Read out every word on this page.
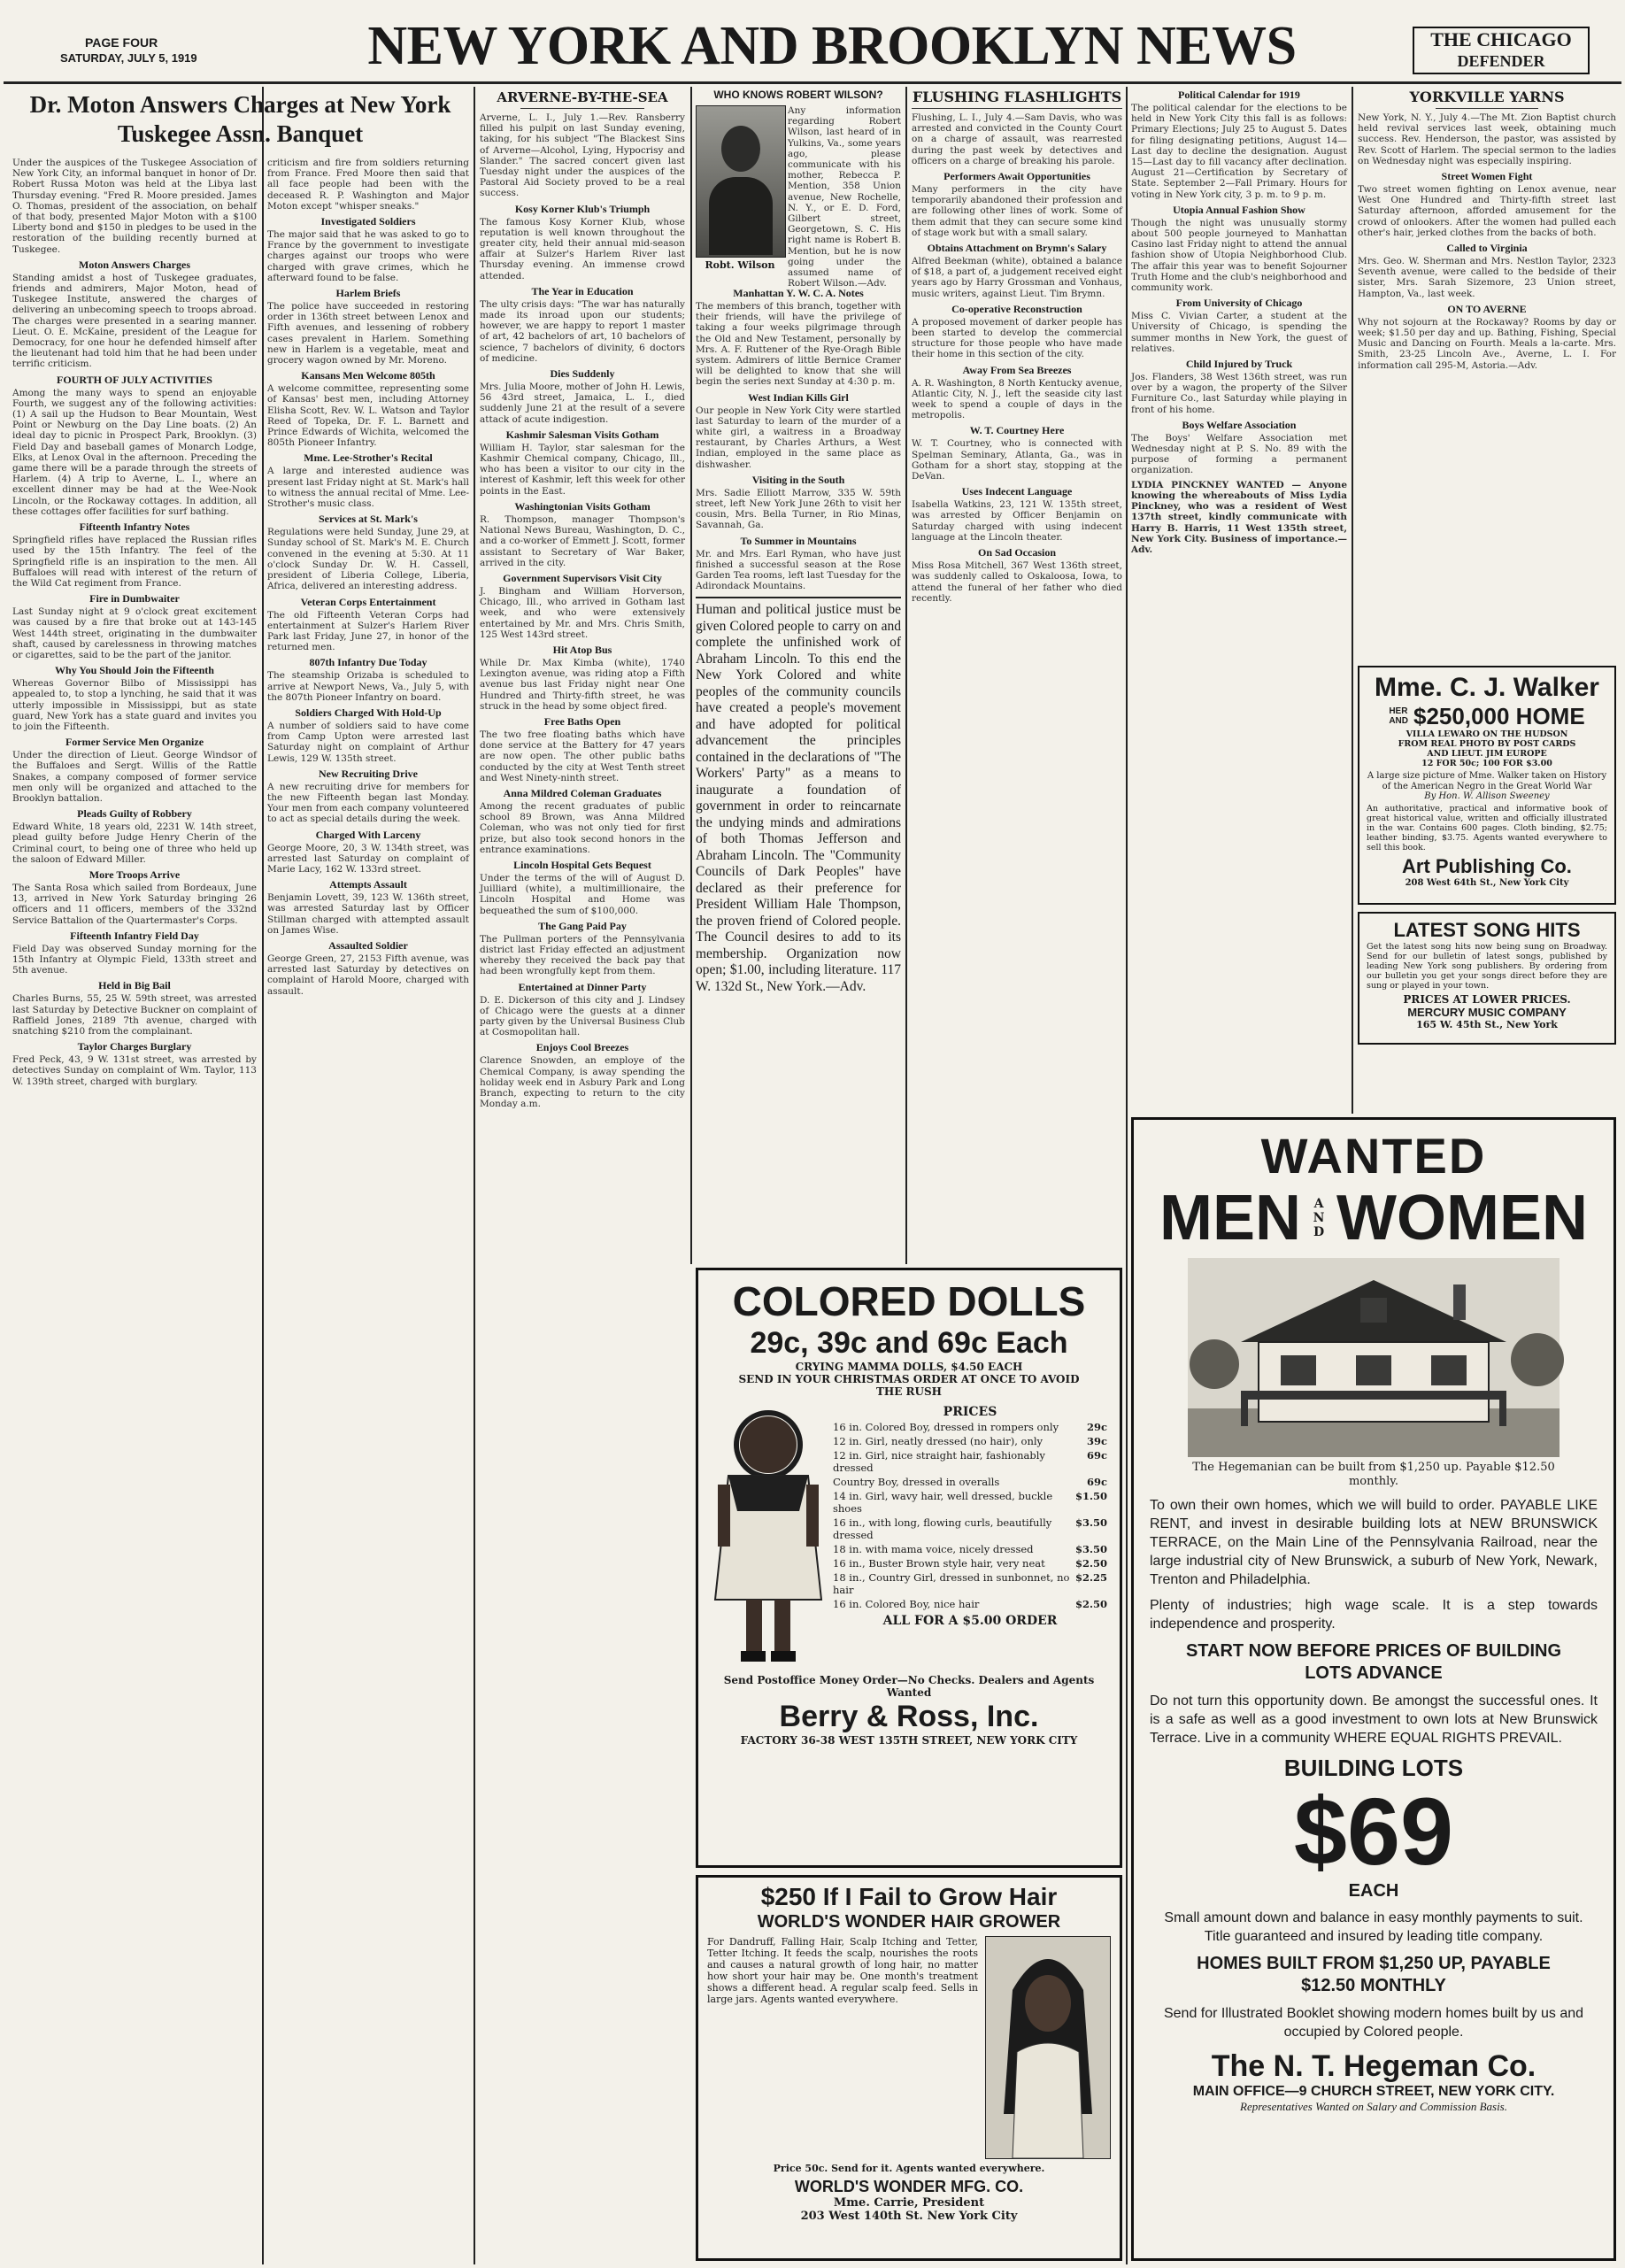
PAGE FOUR
SATURDAY, JULY 5, 1919	NEW YORK AND BROOKLYN NEWS	THE CHICAGO
DEFENDER
Dr. Moton Answers Charges at New York Tuskegee Assn. Banquet

Under the auspices of the Tuskegee Association of New York City, an informal banquet in honor of Dr. Robert Russa Moton was held at the Libya last Thursday evening. "Fred R. Moore presided. James O. Thomas, president of the association, on behalf of that body, presented Major Moton with a $100 Liberty bond and $150 in pledges to be used in the restoration of the building recently burned at Tuskegee.

Moton Answers Charges

Standing amidst a host of Tuskegee graduates, friends and admirers, Major Moton, head of Tuskegee Institute, answered the charges of delivering an unbecoming speech to troops abroad. The charges were presented in a searing manner. Lieut. O. E. McKaine, president of the League for Democracy, for one hour he defended himself after the lieutenant had told him that he had been under terrific criticism.

FOURTH OF JULY ACTIVITIES

Among the many ways to spend an enjoyable Fourth, we suggest any of the following activities: (1) A sail up the Hudson to Bear Mountain, West Point or Newburg on the Day Line boats. (2) An ideal day to picnic in Prospect Park, Brooklyn. (3) Field Day and baseball games of Monarch Lodge, Elks, at Lenox Oval in the afternoon. Preceding the game there will be a parade through the streets of Harlem. (4) A trip to Averne, L. I., where an excellent dinner may be had at the Wee-Nook Lincoln, or the Rockaway cottages. In addition, all these cottages offer facilities for surf bathing.

Fifteenth Infantry Notes

Springfield rifles have replaced the Russian rifles used by the 15th Infantry. The feel of the Springfield rifle is an inspiration to the men. All Buffaloes will read with interest of the return of the Wild Cat regiment from France.

Fire in Dumbwaiter

Last Sunday night at 9 o'clock great excitement was caused by a fire that broke out at 143-145 West 144th street, originating in the dumbwaiter shaft, caused by carelessness in throwing matches or cigarettes, said to be the part of the janitor.

Why You Should Join the Fifteenth

Whereas Governor Bilbo of Mississippi has appealed to, to stop a lynching, he said that it was utterly impossible in Mississippi, but as state guard, New York has a state guard and invites you to join the Fifteenth.

Former Service Men Organize

Under the direction of Lieut. George Windsor of the Buffaloes and Sergt. Willis of the Rattle Snakes, a company composed of former service men only will be organized and attached to the Brooklyn battalion.

Pleads Guilty of Robbery

Edward White, 18 years old, 2231 W. 14th street, plead guilty before Judge Henry Cherin of the Criminal court, to being one of three who held up the saloon of Edward Miller.

More Troops Arrive

The Santa Rosa which sailed from Bordeaux, June 13, arrived in New York Saturday bringing 26 officers and 11 officers, members of the 332nd Service Battalion of the Quartermaster's Corps.

Fifteenth Infantry Field Day

Field Day was observed Sunday morning for the 15th Infantry at Olympic Field, 133th street and 5th avenue.

Held in Big Bail

Charles Burns, 55, 25 W. 59th street, was arrested last Saturday by Detective Buckner on complaint of Raffield Jones, 2189 7th avenue, charged with snatching $210 from the complainant.

Taylor Charges Burglary

Fred Peck, 43, 9 W. 131st street, was arrested by detectives Sunday on complaint of Wm. Taylor, 113 W. 139th street, charged with burglary.

criticism and fire from soldiers returning from France. Fred Moore then said that all face people had been with the deceased R. P. Washington and Major Moton except "whisper sneaks."

Investigated Soldiers

The major said that he was asked to go to France by the government to investigate charges against our troops who were charged with grave crimes, which he afterward found to be false.

Harlem Briefs

The police have succeeded in restoring order in 136th street between Lenox and Fifth avenues, and lessening of robbery cases prevalent in Harlem. Something new in Harlem is a vegetable, meat and grocery wagon owned by Mr. Moreno.

Kansans Men Welcome 805th

A welcome committee, representing some of Kansas' best men, including Attorney Elisha Scott, Rev. W. L. Watson and Taylor Reed of Topeka, Dr. F. L. Barnett and Prince Edwards of Wichita, welcomed the 805th Pioneer Infantry.

Mme. Lee-Strother's Recital

A large and interested audience was present last Friday night at St. Mark's hall to witness the annual recital of Mme. Lee-Strother's music class.

Services at St. Mark's

Regulations were held Sunday, June 29, at Sunday school of St. Mark's M. E. Church convened in the evening at 5:30. At 11 o'clock Sunday Dr. W. H. Cassell, president of Liberia College, Liberia, Africa, delivered an interesting address.

Veteran Corps Entertainment

The old Fifteenth Veteran Corps had entertainment at Sulzer's Harlem River Park last Friday, June 27, in honor of the returned men.

807th Infantry Due Today

The steamship Orizaba is scheduled to arrive at Newport News, Va., July 5, with the 807th Pioneer Infantry on board.

Soldiers Charged With Hold-Up

A number of soldiers said to have come from Camp Upton were arrested last Saturday night on complaint of Arthur Lewis, 129 W. 135th street.

New Recruiting Drive

A new recruiting drive for members for the new Fifteenth began last Monday. Your men from each company volunteered to act as special details during the week.

Charged With Larceny

George Moore, 20, 3 W. 134th street, was arrested last Saturday on complaint of Marie Lacy, 162 W. 133rd street.

Attempts Assault

Benjamin Lovett, 39, 123 W. 136th street, was arrested Saturday last by Officer Stillman charged with attempted assault on James Wise.

Assaulted Soldier

George Green, 27, 2153 Fifth avenue, was arrested last Saturday by detectives on complaint of Harold Moore, charged with assault.

ARVERNE-BY-THE-SEA

Arverne, L. I., July 1.—Rev. Ransberry filled his pulpit on last Sunday evening, taking, for his subject "The Blackest Sins of Arverne—Alcohol, Lying, Hypocrisy and Slander." The sacred concert given last Tuesday night under the auspices of the Pastoral Aid Society proved to be a real success.

Kosy Korner Klub's Triumph

The famous Kosy Korner Klub, whose reputation is well known throughout the greater city, held their annual mid-season affair at Sulzer's Harlem River last Thursday evening. An immense crowd attended.

The Year in Education

The ulty crisis days: "The war has naturally made its inroad upon our students; however, we are happy to report 1 master of art, 42 bachelors of art, 10 bachelors of science, 7 bachelors of divinity, 6 doctors of medicine.

Dies Suddenly

Mrs. Julia Moore, mother of John H. Lewis, 56 43rd street, Jamaica, L. I., died suddenly June 21 at the result of a severe attack of acute indigestion.

Kashmir Salesman Visits Gotham

William H. Taylor, star salesman for the Kashmir Chemical company, Chicago, Ill., who has been a visitor to our city in the interest of Kashmir, left this week for other points in the East.

Washingtonian Visits Gotham

R. Thompson, manager Thompson's National News Bureau, Washington, D. C., and a co-worker of Emmett J. Scott, former assistant to Secretary of War Baker, arrived in the city.

Government Supervisors Visit City

J. Bingham and William Horverson, Chicago, Ill., who arrived in Gotham last week, and who were extensively entertained by Mr. and Mrs. Chris Smith, 125 West 143rd street.

Hit Atop Bus

While Dr. Max Kimba (white), 1740 Lexington avenue, was riding atop a Fifth avenue bus last Friday night near One Hundred and Thirty-fifth street, he was struck in the head by some object fired.

Free Baths Open

The two free floating baths which have done service at the Battery for 47 years are now open. The other public baths conducted by the city at West Tenth street and West Ninety-ninth street.

Anna Mildred Coleman Graduates

Among the recent graduates of public school 89 Brown, was Anna Mildred Coleman, who was not only tied for first prize, but also took second honors in the entrance examinations.

Lincoln Hospital Gets Bequest

Under the terms of the will of August D. Juilliard (white), a multimillionaire, the Lincoln Hospital and Home was bequeathed the sum of $100,000.

The Gang Paid Pay

The Pullman porters of the Pennsylvania district last Friday effected an adjustment whereby they received the back pay that had been wrongfully kept from them.

Entertained at Dinner Party

D. E. Dickerson of this city and J. Lindsey of Chicago were the guests at a dinner party given by the Universal Business Club at Cosmopolitan hall.

Enjoys Cool Breezes

Clarence Snowden, an employe of the Chemical Company, is away spending the holiday week end in Asbury Park and Long Branch, expecting to return to the city Monday a.m.

WHO KNOWS ROBERT WILSON?
Robt. Wilson

Any information regarding Robert Wilson, last heard of in Yulkins, Va., some years ago, please communicate with his mother, Rebecca P. Mention, 358 Union avenue, New Rochelle, N. Y., or E. D. Ford, Gilbert street, Georgetown, S. C. His right name is Robert B. Mention, but he is now going under the assumed name of Robert Wilson.—Adv.

Manhattan Y. W. C. A. Notes

The members of this branch, together with their friends, will have the privilege of taking a four weeks pilgrimage through the Old and New Testament, personally by Mrs. A. F. Ruttener of the Rye-Oragh Bible system. Admirers of little Bernice Cramer will be delighted to know that she will begin the series next Sunday at 4:30 p. m.

West Indian Kills Girl

Our people in New York City were startled last Saturday to learn of the murder of a white girl, a waitress in a Broadway restaurant, by Charles Arthurs, a West Indian, employed in the same place as dishwasher.

Visiting in the South

Mrs. Sadie Elliott Marrow, 335 W. 59th street, left New York June 26th to visit her cousin, Mrs. Bella Turner, in Rio Minas, Savannah, Ga.

To Summer in Mountains

Mr. and Mrs. Earl Ryman, who have just finished a successful season at the Rose Garden Tea rooms, left last Tuesday for the Adirondack Mountains.

Human and political justice must be given Colored people to carry on and complete the unfinished work of Abraham Lincoln. To this end the New York Colored and white peoples of the community councils have created a people's movement and have adopted for political advancement the principles contained in the declarations of "The Workers' Party" as a means to inaugurate a foundation of government in order to reincarnate the undying minds and admirations of both Thomas Jefferson and Abraham Lincoln. The "Community Councils of Dark Peoples" have declared as their preference for President William Hale Thompson, the proven friend of Colored people. The Council desires to add to its membership. Organization now open; $1.00, including literature. 117 W. 132d St., New York.—Adv.

FLUSHING FLASHLIGHTS

Flushing, L. I., July 4.—Sam Davis, who was arrested and convicted in the County Court on a charge of assault, was rearrested during the past week by detectives and officers on a charge of breaking his parole.

Performers Await Opportunities

Many performers in the city have temporarily abandoned their profession and are following other lines of work. Some of them admit that they can secure some kind of stage work but with a small salary.

Obtains Attachment on Brymn's Salary

Alfred Beekman (white), obtained a balance of $18, a part of, a judgement received eight years ago by Harry Grossman and Vonhaus, music writers, against Lieut. Tim Brymn.

Co-operative Reconstruction

A proposed movement of darker people has been started to develop the commercial structure for those people who have made their home in this section of the city.

Away From Sea Breezes

A. R. Washington, 8 North Kentucky avenue, Atlantic City, N. J., left the seaside city last week to spend a couple of days in the metropolis.

W. T. Courtney Here

W. T. Courtney, who is connected with Spelman Seminary, Atlanta, Ga., was in Gotham for a short stay, stopping at the DeVan.

Uses Indecent Language

Isabella Watkins, 23, 121 W. 135th street, was arrested by Officer Benjamin on Saturday charged with using indecent language at the Lincoln theater.

On Sad Occasion

Miss Rosa Mitchell, 367 West 136th street, was suddenly called to Oskaloosa, Iowa, to attend the funeral of her father who died recently.

Political Calendar for 1919

The political calendar for the elections to be held in New York City this fall is as follows: Primary Elections; July 25 to August 5. Dates for filing designating petitions, August 14—Last day to decline the designation. August 15—Last day to fill vacancy after declination. August 21—Certification by Secretary of State. September 2—Fall Primary. Hours for voting in New York city, 3 p. m. to 9 p. m.

Utopia Annual Fashion Show

Though the night was unusually stormy about 500 people journeyed to Manhattan Casino last Friday night to attend the annual fashion show of Utopia Neighborhood Club. The affair this year was to benefit Sojourner Truth Home and the club's neighborhood and community work.

From University of Chicago

Miss C. Vivian Carter, a student at the University of Chicago, is spending the summer months in New York, the guest of relatives.

Child Injured by Truck

Jos. Flanders, 38 West 136th street, was run over by a wagon, the property of the Silver Furniture Co., last Saturday while playing in front of his home.

Boys Welfare Association

The Boys' Welfare Association met Wednesday night at P. S. No. 89 with the purpose of forming a permanent organization.

LYDIA PINCKNEY WANTED — Anyone knowing the whereabouts of Miss Lydia Pinckney, who was a resident of West 137th street, kindly communicate with Harry B. Harris, 11 West 135th street, New York City. Business of importance.—Adv.

YORKVILLE YARNS

New York, N. Y., July 4.—The Mt. Zion Baptist church held revival services last week, obtaining much success. Rev. Henderson, the pastor, was assisted by Rev. Scott of Harlem. The special sermon to the ladies on Wednesday night was especially inspiring.

Street Women Fight

Two street women fighting on Lenox avenue, near West One Hundred and Thirty-fifth street last Saturday afternoon, afforded amusement for the crowd of onlookers. After the women had pulled each other's hair, jerked clothes from the backs of both.

Called to Virginia

Mrs. Geo. W. Sherman and Mrs. Nestlon Taylor, 2323 Seventh avenue, were called to the bedside of their sister, Mrs. Sarah Sizemore, 23 Union street, Hampton, Va., last week.

ON TO AVERNE

Why not sojourn at the Rockaway? Rooms by day or week; $1.50 per day and up. Bathing, Fishing, Special Music and Dancing on Fourth. Meals a la-carte. Mrs. Smith, 23-25 Lincoln Ave., Averne, L. I. For information call 295-M, Astoria.—Adv.

Mme. C. J. Walker
HER
AND $250,000 HOME
VILLA LEWARO ON THE HUDSON
FROM REAL PHOTO BY POST CARDS
AND LIEUT. JIM EUROPE
12 FOR 50c; 100 FOR $3.00
A large size picture of Mme. Walker taken on History of the American Negro in the Great World War
By Hon. W. Allison Sweeney
An authoritative, practical and informative book of great historical value, written and officially illustrated in the war. Contains 600 pages. Cloth binding, $2.75; leather binding, $3.75. Agents wanted everywhere to sell this book.
Art Publishing Co.
208 West 64th St., New York City
LATEST SONG HITS
Get the latest song hits now being sung on Broadway. Send for our bulletin of latest songs, published by leading New York song publishers. By ordering from our bulletin you get your songs direct before they are sung or played in your town.
PRICES AT LOWER PRICES.
MERCURY MUSIC COMPANY
165 W. 45th St., New York
WANTED
MEN	AND WOMEN
The Hegemanian can be built from $1,250 up. Payable $12.50 monthly.

To own their own homes, which we will build to order. PAYABLE LIKE RENT, and invest in desirable building lots at NEW BRUNSWICK TERRACE, on the Main Line of the Pennsylvania Railroad, near the large industrial city of New Brunswick, a suburb of New York, Newark, Trenton and Philadelphia.

Plenty of industries; high wage scale. It is a step towards independence and prosperity.

START NOW BEFORE PRICES OF BUILDING LOTS ADVANCE

Do not turn this opportunity down. Be amongst the successful ones. It is a safe as well as a good investment to own lots at New Brunswick Terrace. Live in a community WHERE EQUAL RIGHTS PREVAIL.

BUILDING LOTS
$69
EACH

Small amount down and balance in easy monthly payments to suit. Title guaranteed and insured by leading title company.

HOMES BUILT FROM $1,250 UP, PAYABLE $12.50 MONTHLY

Send for Illustrated Booklet showing modern homes built by us and occupied by Colored people.

The N. T. Hegeman Co.
MAIN OFFICE—9 CHURCH STREET, NEW YORK CITY.
Representatives Wanted on Salary and Commission Basis.
COLORED DOLLS
29c, 39c and 69c Each
CRYING MAMMA DOLLS, $4.50 EACH
SEND IN YOUR CHRISTMAS ORDER AT ONCE TO AVOID THE RUSH
PRICES
16 in. Colored Boy, dressed in rompers only	29c
12 in. Girl, neatly dressed (no hair), only	39c
12 in. Girl, nice straight hair, fashionably dressed
69c
Country Boy, dressed in overalls	69c
14 in. Girl, wavy hair, well dressed, buckle shoes
$1.50
16 in., with long, flowing curls, beautifully dressed
$3.50
18 in. with mama voice, nicely dressed	$3.50
16 in., Buster Brown style hair, very neat	$2.50
18 in., Country Girl, dressed in sunbonnet, no hair
$2.25
16 in. Colored Boy, nice hair	$2.50
ALL FOR A $5.00 ORDER
Send Postoffice Money Order—No Checks. Dealers and Agents Wanted
Berry & Ross, Inc.
FACTORY 36-38 WEST 135TH STREET, NEW YORK CITY
$250 If I Fail to Grow Hair
WORLD'S WONDER HAIR GROWER
For Dandruff, Falling Hair, Scalp Itching and Tetter, Tetter Itching. It feeds the scalp, nourishes the roots and causes a natural growth of long hair, no matter how short your hair may be. One month's treatment shows a different head. A regular scalp feed. Sells in large jars. Agents wanted everywhere.
Price 50c. Send for it. Agents wanted everywhere.
WORLD'S WONDER MFG. CO.
Mme. Carrie, President
203 West 140th St. New York City
